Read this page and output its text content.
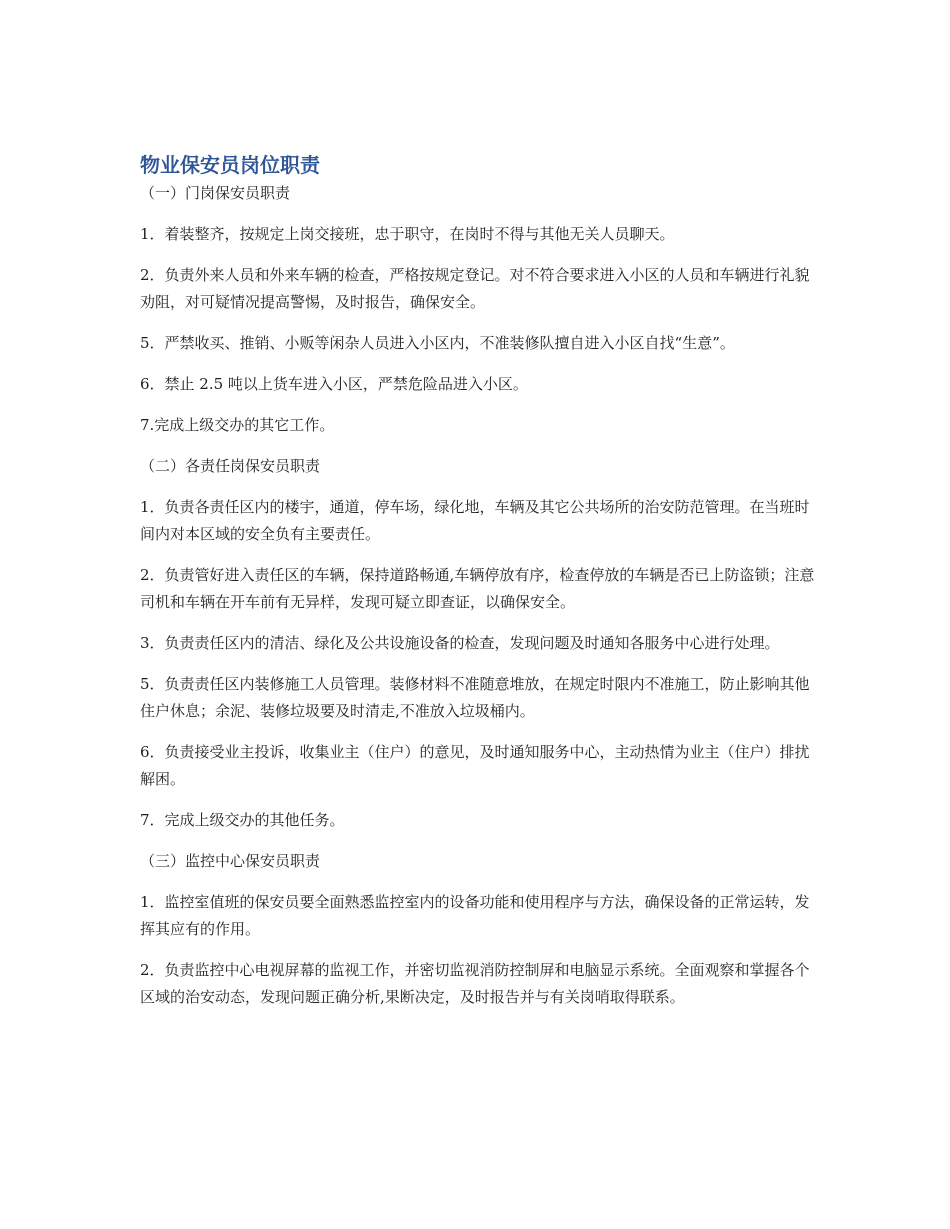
物业保安员岗位职责

（一）门岗保安员职责

1．着装整齐，按规定上岗交接班，忠于职守，在岗时不得与其他无关人员聊天。

2．负责外来人员和外来车辆的检查，严格按规定登记。对不符合要求进入小区的人员和车辆进行礼貌劝阻，对可疑情况提高警惕，及时报告，确保安全。

5．严禁收买、推销、小贩等闲杂人员进入小区内，不准装修队擅自进入小区自找“生意”。

6．禁止 2.5 吨以上货车进入小区，严禁危险品进入小区。

7.完成上级交办的其它工作。

（二）各责任岗保安员职责

1．负责各责任区内的楼宇，通道，停车场，绿化地，车辆及其它公共场所的治安防范管理。在当班时间内对本区域的安全负有主要责任。

2．负责管好进入责任区的车辆，保持道路畅通,车辆停放有序，检查停放的车辆是否已上防盗锁；注意司机和车辆在开车前有无异样，发现可疑立即查证，以确保安全。

3．负责责任区内的清洁、绿化及公共设施设备的检查，发现问题及时通知各服务中心进行处理。

5．负责责任区内装修施工人员管理。装修材料不准随意堆放，在规定时限内不准施工，防止影响其他住户休息；余泥、装修垃圾要及时清走,不准放入垃圾桶内。

6．负责接受业主投诉，收集业主（住户）的意见，及时通知服务中心，主动热情为业主（住户）排扰解困。

7．完成上级交办的其他任务。

（三）监控中心保安员职责

1．监控室值班的保安员要全面熟悉监控室内的设备功能和使用程序与方法，确保设备的正常运转，发挥其应有的作用。

2．负责监控中心电视屏幕的监视工作，并密切监视消防控制屏和电脑显示系统。全面观察和掌握各个区域的治安动态，发现问题正确分析,果断决定，及时报告并与有关岗哨取得联系。
